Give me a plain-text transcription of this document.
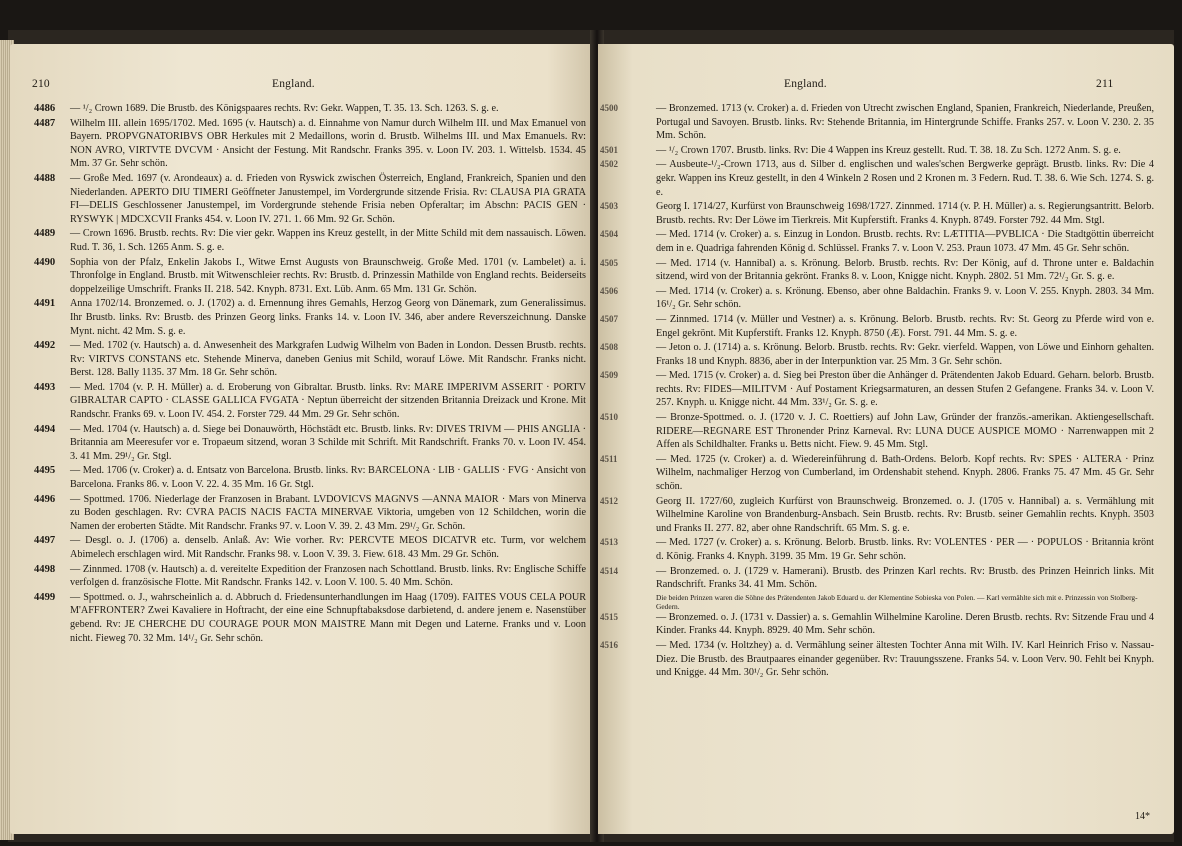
210	England.
4486 — ¹/₂ Crown 1689. Die Brustb. des Königspaares rechts. Rv: Gekr. Wappen, T. 35. 13. Sch. 1263. S. g. e.
4487 Wilhelm III. allein 1695/1702. Med. 1695 (v. Hautsch) a. d. Einnahme von Namur durch Wilhelm III. und Max Emanuel von Bayern. PROPVGNATORIBVS OBR Herkules mit 2 Medaillons, worin d. Brustb. Wilhelms III. und Max Emanuels. Rv: NON AVRO, VIRTVTE DVCVM · Ansicht der Festung. Mit Randschr. Franks 395. v. Loon IV. 203. 1. Wittelsb. 1534. 45 Mm. 37 Gr. Sehr schön.
4488 — Große Med. 1697 (v. Arondeaux) a. d. Frieden von Ryswick zwischen Österreich, England, Frankreich, Spanien und den Niederlanden. APERTO DIU TIMERI Geöffneter Janustempel, im Vordergrunde sitzende Frisia. Rv: CLAUSA PIA GRATA FI—DELIS Geschlossener Janustempel, im Vordergrunde stehende Frisia neben Opferaltar; im Abschn: PACIS GEN · RYSWYK | MDCXCVII Franks 454. v. Loon IV. 271. 1. 66 Mm. 92 Gr. Schön.
4489 — Crown 1696. Brustb. rechts. Rv: Die vier gekr. Wappen ins Kreuz gestellt, in der Mitte Schild mit dem nassauisch. Löwen. Rud. T. 36, 1. Sch. 1265 Anm. S. g. e.
4490 Sophia von der Pfalz, Enkelin Jakobs I., Witwe Ernst Augusts von Braunschweig. Große Med. 1701 (v. Lambelet) a. i. Thronfolge in England. Brustb. mit Witwenschleier rechts. Rv: Brustb. d. Prinzessin Mathilde von England rechts. Beiderseits doppelzeilige Umschrift. Franks II. 218. 542. Knyph. 8731. Ext. Lüb. Anm. 65 Mm. 131 Gr. Schön.
4491 Anna 1702/14. Bronzemed. o. J. (1702) a. d. Ernennung ihres Gemahls, Herzog Georg von Dänemark, zum Generalissimus. Ihr Brustb. links. Rv: Brustb. des Prinzen Georg links. Franks 14. v. Loon IV. 346, aber andere Reverszeichnung. Danske Mynt. nicht. 42 Mm. S. g. e.
4492 — Med. 1702 (v. Hautsch) a. d. Anwesenheit des Markgrafen Ludwig Wilhelm von Baden in London. Dessen Brustb. rechts. Rv: VIRTVS CONSTANS etc. Stehende Minerva, daneben Genius mit Schild, worauf Löwe. Mit Randschr. Franks nicht. Berst. 128. Bally 1135. 37 Mm. 18 Gr. Sehr schön.
4493 — Med. 1704 (v. P. H. Müller) a. d. Eroberung von Gibraltar. Brustb. links. Rv: MARE IMPERIVM ASSERIT · PORTV GIBRALTAR CAPTO · CLASSE GALLICA FVGATA · Neptun überreicht der sitzenden Britannia Dreizack und Krone. Mit Randschr. Franks 69. v. Loon IV. 454. 2. Forster 729. 44 Mm. 29 Gr. Sehr schön.
4494 — Med. 1704 (v. Hautsch) a. d. Siege bei Donauwörth, Höchstädt etc. Brustb. links. Rv: DIVES TRIVM — PHIS ANGLIA · Britannia am Meeresufer vor e. Tropaeum sitzend, woran 3 Schilde mit Schrift. Mit Randschrift. Franks 70. v. Loon IV. 454. 3. 41 Mm. 29¹/₂ Gr. Stgl.
4495 — Med. 1706 (v. Croker) a. d. Entsatz von Barcelona. Brustb. links. Rv: BARCELONA · LIB · GALLIS · FVG · Ansicht von Barcelona. Franks 86. v. Loon V. 22. 4. 35 Mm. 16 Gr. Stgl.
4496 — Spottmed. 1706. Niederlage der Franzosen in Brabant. LVDOVICVS MAGNVS —ANNA MAIOR · Mars von Minerva zu Boden geschlagen. Rv: CVRA PACIS NACIS FACTA MINERVAE Viktoria, umgeben von 12 Schildchen, worin die Namen der eroberten Städte. Mit Randschr. Franks 97. v. Loon V. 39. 2. 43 Mm. 29¹/₂ Gr. Schön.
4497 — Desgl. o. J. (1706) a. denselb. Anlaß. Av: Wie vorher. Rv: PERCVTE MEOS DICATVR etc. Turm, vor welchem Abimelech erschlagen wird. Mit Randschr. Franks 98. v. Loon V. 39. 3. Fiew. 618. 43 Mm. 29 Gr. Schön.
4498 — Zinnmed. 1708 (v. Hautsch) a. d. vereitelte Expedition der Franzosen nach Schottland. Brustb. links. Rv: Englische Schiffe verfolgen d. französische Flotte. Mit Randschr. Franks 142. v. Loon V. 100. 5. 40 Mm. Schön.
4499 — Spottmed. o. J., wahrscheinlich a. d. Abbruch d. Friedensunterhandlungen im Haag (1709). FAITES VOUS CELA POUR M'AFFRONTER? Zwei Kavaliere in Hoftracht, der eine eine Schnupftabaksdose darbietend, d. andere jenem e. Nasenstüber gebend. Rv: JE CHERCHE DU COURAGE POUR MON MAISTRE Mann mit Degen und Laterne. Franks und v. Loon nicht. Fieweg 70. 32 Mm. 14¹/₂ Gr. Sehr schön.
England.	211
4500	— Bronzemed. 1713 (v. Croker) a. d. Frieden von Utrecht zwischen England, Spanien, Frankreich, Niederlande, Preußen, Portugal und Savoyen. Brustb. links. Rv: Stehende Britannia, im Hintergrunde Schiffe. Franks 257. v. Loon V. 230. 2. 35 Mm. Schön.
4501	— ¹/₂ Crown 1707. Brustb. links. Rv: Die 4 Wappen ins Kreuz gestellt. Rud. T. 38. 18. Zu Sch. 1272 Anm. S. g. e.
4502	— Ausbeute-¹/₂-Crown 1713, aus d. Silber d. englischen und wales'schen Bergwerke geprägt. Brustb. links. Rv: Die 4 gekr. Wappen ins Kreuz gestellt, in den 4 Winkeln 2 Rosen und 2 Kronen m. 3 Federn. Rud. T. 38. 6. Wie Sch. 1274. S. g. e.
4503	Georg I. 1714/27, Kurfürst von Braunschweig 1698/1727. Zinnmed. 1714 (v. P. H. Müller) a. s. Regierungsantritt. Belorb. Brustb. rechts. Rv: Der Löwe im Tierkreis. Mit Kupferstift. Franks 4. Knyph. 8749. Forster 792. 44 Mm. Stgl.
4504	— Med. 1714 (v. Croker) a. s. Einzug in London. Brustb. rechts. Rv: LÆTITIA—PVBLICA · Die Stadtgöttin überreicht dem in e. Quadriga fahrenden König d. Schlüssel. Franks 7. v. Loon V. 253. Praun 1073. 47 Mm. 45 Gr. Sehr schön.
4505	— Med. 1714 (v. Hannibal) a. s. Krönung. Belorb. Brustb. rechts. Rv: Der König, auf d. Throne unter e. Baldachin sitzend, wird von der Britannia gekrönt. Franks 8. v. Loon, Knigge nicht. Knyph. 2802. 51 Mm. 72¹/₂ Gr. S. g. e.
4506	— Med. 1714 (v. Croker) a. s. Krönung. Ebenso, aber ohne Baldachin. Franks 9. v. Loon V. 255. Knyph. 2803. 34 Mm. 16¹/₂ Gr. Sehr schön.
4507	— Zinnmed. 1714 (v. Müller und Vestner) a. s. Krönung. Belorb. Brustb. rechts. Rv: St. Georg zu Pferde wird von e. Engel gekrönt. Mit Kupferstift. Franks 12. Knyph. 8750 (Æ). Forst. 791. 44 Mm. S. g. e.
4508	— Jeton o. J. (1714) a. s. Krönung. Belorb. Brustb. rechts. Rv: Gekr. vierfeld. Wappen, von Löwe und Einhorn gehalten. Franks 18 und Knyph. 8836, aber in der Interpunktion var. 25 Mm. 3 Gr. Sehr schön.
4509	— Med. 1715 (v. Croker) a. d. Sieg bei Preston über die Anhänger d. Prätendenten Jakob Eduard. Geharn. belorb. Brustb. rechts. Rv: FIDES—MILITVM · Auf Postament Kriegsarmaturen, an dessen Stufen 2 Gefangene. Franks 34. v. Loon V. 257. Knyph. u. Knigge nicht. 44 Mm. 33¹/₂ Gr. S. g. e.
4510	— Bronze-Spottmed. o. J. (1720 v. J. C. Roettiers) auf John Law, Gründer der französ.-amerikan. Aktiengesellschaft. RIDERE—REGNARE EST Thronender Prinz Karneval. Rv: LUNA DUCE AUSPICE MOMO · Narrenwappen mit 2 Affen als Schildhalter. Franks u. Betts nicht. Fiew. 9. 45 Mm. Stgl.
4511	— Med. 1725 (v. Croker) a. d. Wiedereinführung d. Bath-Ordens. Belorb. Kopf rechts. Rv: SPES · ALTERA · Prinz Wilhelm, nachmaliger Herzog von Cumberland, im Ordenshabit stehend. Knyph. 2806. Franks 75. 47 Mm. 45 Gr. Sehr schön.
4512	Georg II. 1727/60, zugleich Kurfürst von Braunschweig. Bronzemed. o. J. (1705 v. Hannibal) a. s. Vermählung mit Wilhelmine Karoline von Brandenburg-Ansbach. Sein Brustb. rechts. Rv: Brustb. seiner Gemahlin rechts. Knyph. 3503 und Franks II. 277. 82, aber ohne Randschrift. 65 Mm. S. g. e.
4513	— Med. 1727 (v. Croker) a. s. Krönung. Belorb. Brustb. links. Rv: VOLENTES · PER — · POPULOS · Britannia krönt d. König. Franks 4. Knyph. 3199. 35 Mm. 19 Gr. Sehr schön.
4514	— Bronzemed. o. J. (1729 v. Hamerani). Brustb. des Prinzen Karl rechts. Rv: Brustb. des Prinzen Heinrich links. Mit Randschrift. Franks 34. 41 Mm. Schön.
Die beiden Prinzen waren die Söhne des Prätendenten Jakob Eduard u. der Klementine Sobieska von Polen. — Karl vermählte sich mit e. Prinzessin von Stolberg-Gedern.
4515	— Bronzemed. o. J. (1731 v. Dassier) a. s. Gemahlin Wilhelmine Karoline. Deren Brustb. rechts. Rv: Sitzende Frau und 4 Kinder. Franks 44. Knyph. 8929. 40 Mm. Sehr schön.
4516	— Med. 1734 (v. Holtzhey) a. d. Vermählung seiner ältesten Tochter Anna mit Wilh. IV. Karl Heinrich Friso v. Nassau-Diez. Die Brustb. des Brautpaares einander gegenüber. Rv: Trauungsszene. Franks 54. v. Loon Verv. 90. Fehlt bei Knyph. und Knigge. 44 Mm. 30¹/₂ Gr. Sehr schön.
14*
